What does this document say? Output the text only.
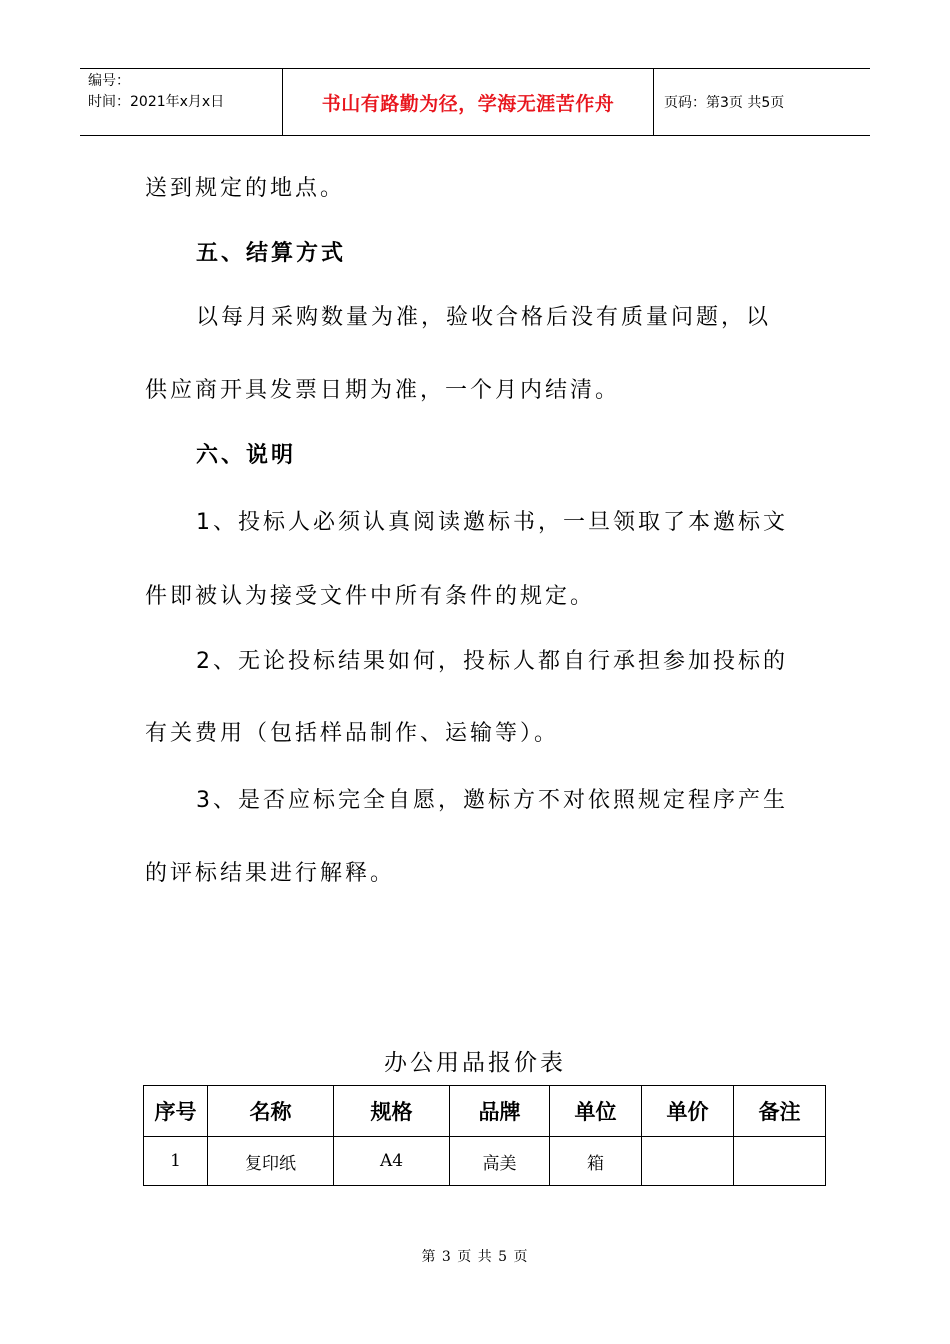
编号：
时间：2021年x月x日	书山有路勤为径，学海无涯苦作舟	页码：第3页 共5页
送到规定的地点。
五、结算方式
以每月采购数量为准，验收合格后没有质量问题，以
供应商开具发票日期为准，一个月内结清。
六、说明
1、投标人必须认真阅读邀标书，一旦领取了本邀标文
件即被认为接受文件中所有条件的规定。
2、无论投标结果如何，投标人都自行承担参加投标的
有关费用（包括样品制作、运输等）。
3、是否应标完全自愿，邀标方不对依照规定程序产生
的评标结果进行解释。
办公用品报价表
序号	名称	规格	品牌	单位	单价	备注
1	复印纸	A4	高美	箱		
第 3 页 共 5 页
